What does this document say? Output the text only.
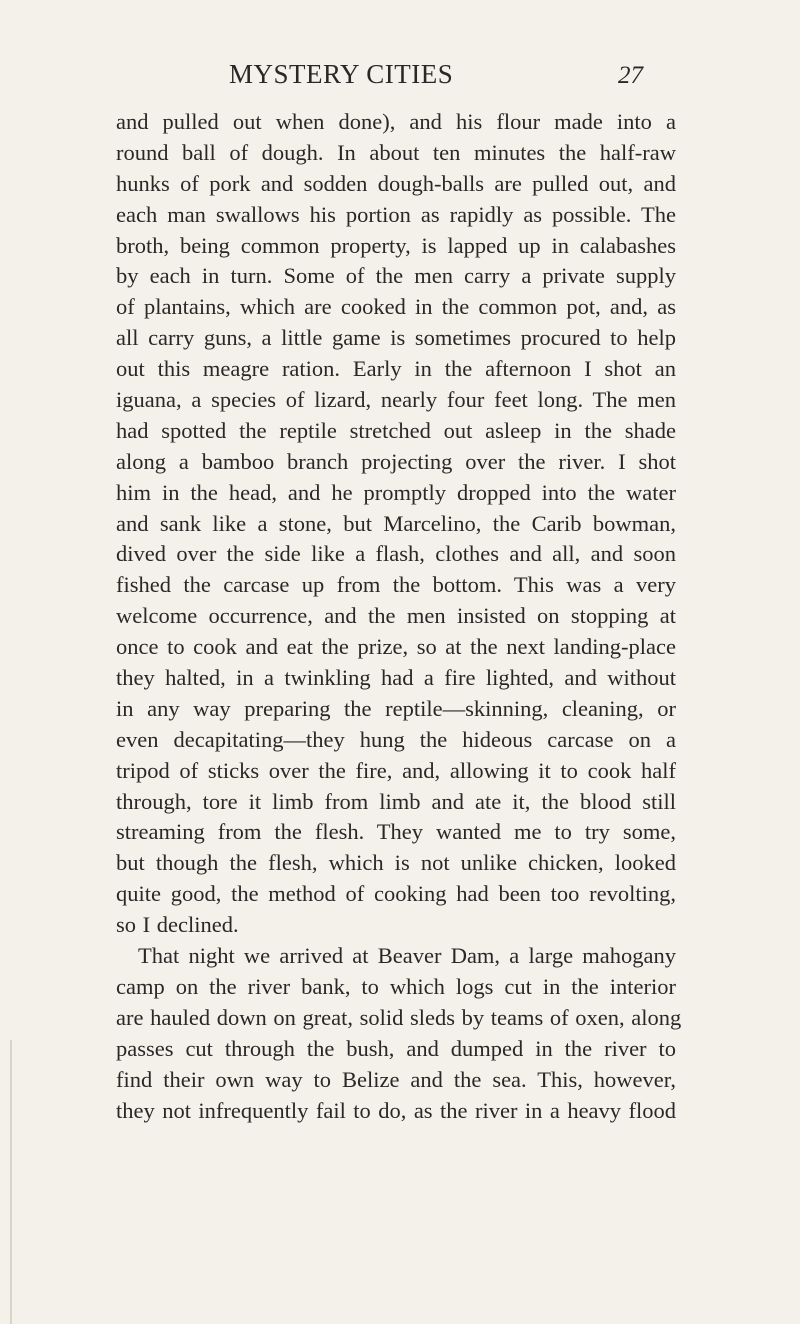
MYSTERY CITIES	27
and pulled out when done), and his flour made into a
round ball of dough. In about ten minutes the half-raw
hunks of pork and sodden dough-balls are pulled out, and
each man swallows his portion as rapidly as possible. The
broth, being common property, is lapped up in calabashes
by each in turn. Some of the men carry a private supply
of plantains, which are cooked in the common pot, and, as
all carry guns, a little game is sometimes procured to help
out this meagre ration. Early in the afternoon I shot an
iguana, a species of lizard, nearly four feet long. The men
had spotted the reptile stretched out asleep in the shade
along a bamboo branch projecting over the river. I shot
him in the head, and he promptly dropped into the water
and sank like a stone, but Marcelino, the Carib bowman,
dived over the side like a flash, clothes and all, and soon
fished the carcase up from the bottom. This was a very
welcome occurrence, and the men insisted on stopping at
once to cook and eat the prize, so at the next landing-place
they halted, in a twinkling had a fire lighted, and without
in any way preparing the reptile—skinning, cleaning, or
even decapitating—they hung the hideous carcase on a
tripod of sticks over the fire, and, allowing it to cook half
through, tore it limb from limb and ate it, the blood still
streaming from the flesh. They wanted me to try some,
but though the flesh, which is not unlike chicken, looked
quite good, the method of cooking had been too revolting,
so I declined.
That night we arrived at Beaver Dam, a large mahogany
camp on the river bank, to which logs cut in the interior
are hauled down on great, solid sleds by teams of oxen, along
passes cut through the bush, and dumped in the river to
find their own way to Belize and the sea. This, however,
they not infrequently fail to do, as the river in a heavy flood
